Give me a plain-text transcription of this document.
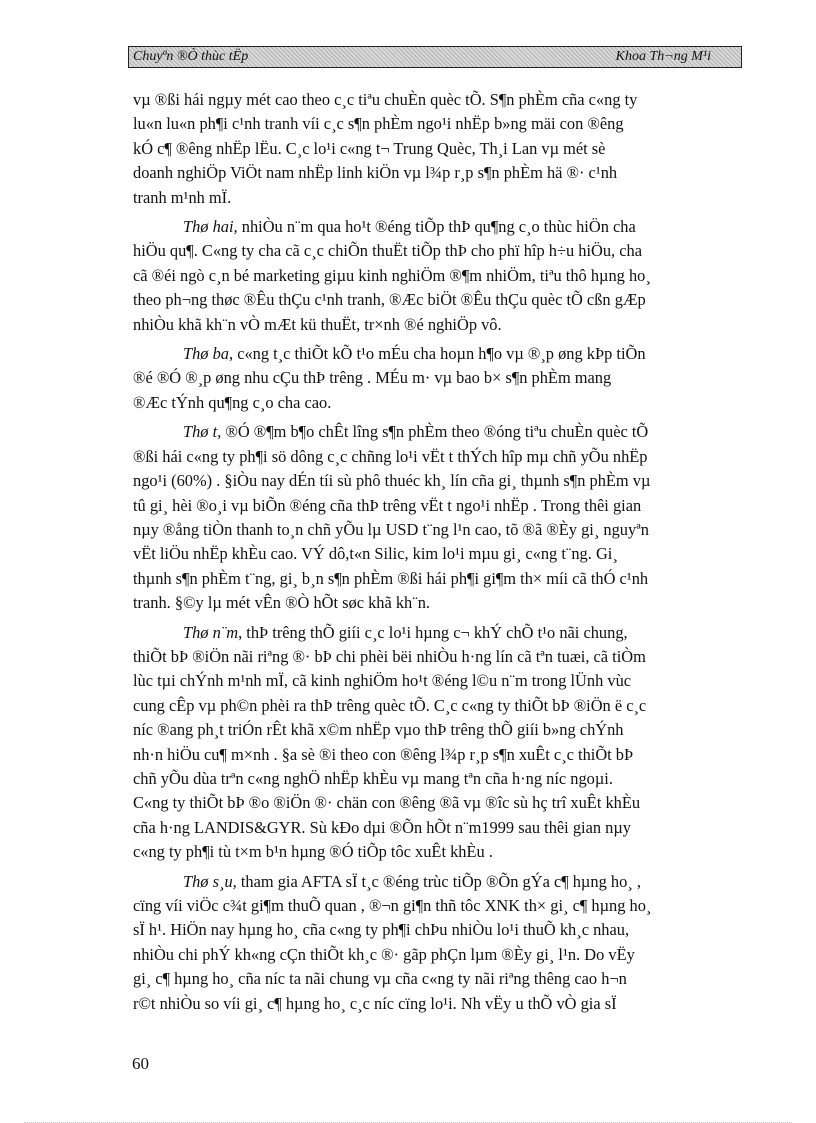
Chuyªn ®Ò thùc tËp	Khoa Th¬ng M¹i

vµ ®ßi hái ngµy mét cao theo c¸c tiªu chuÈn quèc tÕ. S¶n phÈm cña c«ng ty
lu«n lu«n ph¶i c¹nh tranh víi c¸c s¶n phÈm ngo¹i nhËp b»ng mäi con ®êng
kÓ c¶ ®êng nhËp lËu. C¸c lo¹i c«ng t¬ Trung Quèc, Th¸i Lan vµ mét sè
doanh nghiÖp ViÖt nam nhËp linh kiÖn vµ l¾p r¸p s¶n phÈm hä ®· c¹nh
tranh m¹nh mÏ.

Thø hai, nhiÒu n¨m qua ho¹t ®éng tiÕp thÞ qu¶ng c¸o thùc hiÖn cha
hiÖu qu¶. C«ng ty cha cã c¸c chiÕn thuËt tiÕp thÞ cho phï hîp h÷u hiÖu, cha
cã ®éi ngò c¸n bé marketing giµu kinh nghiÖm ®¶m nhiÖm, tiªu thô hµng ho¸
theo ph¬ng thøc ®Êu thÇu c¹nh tranh, ®Æc biÖt ®Êu thÇu quèc tÕ cßn gÆp
nhiÒu khã kh¨n vÒ mÆt kü thuËt, tr×nh ®é nghiÖp vô.

Thø ba, c«ng t¸c thiÕt kÕ t¹o mÉu cha hoµn h¶o vµ ®¸p øng kÞp tiÕn
®é ®Ó ®¸p øng nhu cÇu thÞ trêng . MÉu m· vµ bao b× s¶n phÈm mang
®Æc tÝnh qu¶ng c¸o cha cao.

Thø t, ®Ó ®¶m b¶o chÊt lîng s¶n phÈm theo ®óng tiªu chuÈn quèc tÕ
®ßi hái c«ng ty ph¶i sö dông c¸c chñng lo¹i vËt t thÝch hîp mµ chñ yÕu nhËp
ngo¹i (60%) . §iÒu nay dÉn tíi sù phô thuéc kh¸ lín cña gi¸ thµnh s¶n phÈm vµ
tû gi¸ hèi ®o¸i vµ biÕn ®éng cña thÞ trêng vËt t ngo¹i nhËp . Trong thêi gian
nµy ®ång tiÒn thanh to¸n chñ yÕu lµ USD t¨ng l¹n cao, tõ ®ã ®Èy gi¸ nguyªn
vËt liÖu nhËp khÈu cao. VÝ dô,t«n Silic, kim lo¹i mµu gi¸ c«ng t¨ng. Gi¸
thµnh s¶n phÈm t¨ng, gi¸ b¸n s¶n phÈm ®ßi hái ph¶i gi¶m th× míi cã thÓ c¹nh
tranh. §©y lµ mét vÊn ®Ò hÕt søc khã kh¨n.

Thø n¨m, thÞ trêng thÕ giíi c¸c lo¹i hµng c¬ khÝ chÕ t¹o nãi chung,
thiÕt bÞ ®iÖn nãi riªng ®· bÞ chi phèi bëi nhiÒu h·ng lín cã tªn tuæi, cã tiÒm
lùc tµi chÝnh m¹nh mÏ, cã kinh nghiÖm ho¹t ®éng l©u n¨m trong lÜnh vùc
cung cÊp vµ ph©n phèi ra thÞ trêng quèc tÕ. C¸c c«ng ty thiÕt bÞ ®iÖn ë c¸c
níc ®ang ph¸t triÓn rÊt khã x©m nhËp vµo thÞ trêng thÕ giíi b»ng chÝnh
nh·n hiÖu cu¶ m×nh . §a sè ®i theo con ®êng l¾p r¸p s¶n xuÊt c¸c thiÕt bÞ
chñ yÕu dùa trªn c«ng nghÖ nhËp khÈu vµ mang tªn cña h·ng níc ngoµi.
C«ng ty thiÕt bÞ ®o ®iÖn ®· chän con ®êng ®ã vµ ®îc sù hç trî xuÊt khÈu
cña h·ng LANDIS&GYR. Sù kÐo dµi ®Õn hÕt n¨m1999 sau thêi gian nµy
c«ng ty ph¶i tù t×m b¹n hµng ®Ó tiÕp tôc xuÊt khÈu .

Thø s¸u, tham gia AFTA sÏ t¸c ®éng trùc tiÕp ®Õn gÝa c¶ hµng ho¸ ,
cïng víi viÖc c¾t gi¶m thuÕ quan , ®¬n gi¶n thñ tôc XNK th× gi¸ c¶ hµng ho¸
sÏ h¹. HiÖn nay hµng ho¸ cña c«ng ty ph¶i chÞu nhiÒu lo¹i thuÕ kh¸c nhau,
nhiÒu chi phÝ kh«ng cÇn thiÕt kh¸c ®· gãp phÇn lµm ®Èy gi¸ l¹n. Do vËy
gi¸ c¶ hµng ho¸ cña níc ta nãi chung vµ cña c«ng ty nãi riªng thêng cao h¬n
r©t nhiÒu so víi gi¸ c¶ hµng ho¸ c¸c níc cïng lo¹i. Nh vËy u thÕ vÒ gia sÏ

60
